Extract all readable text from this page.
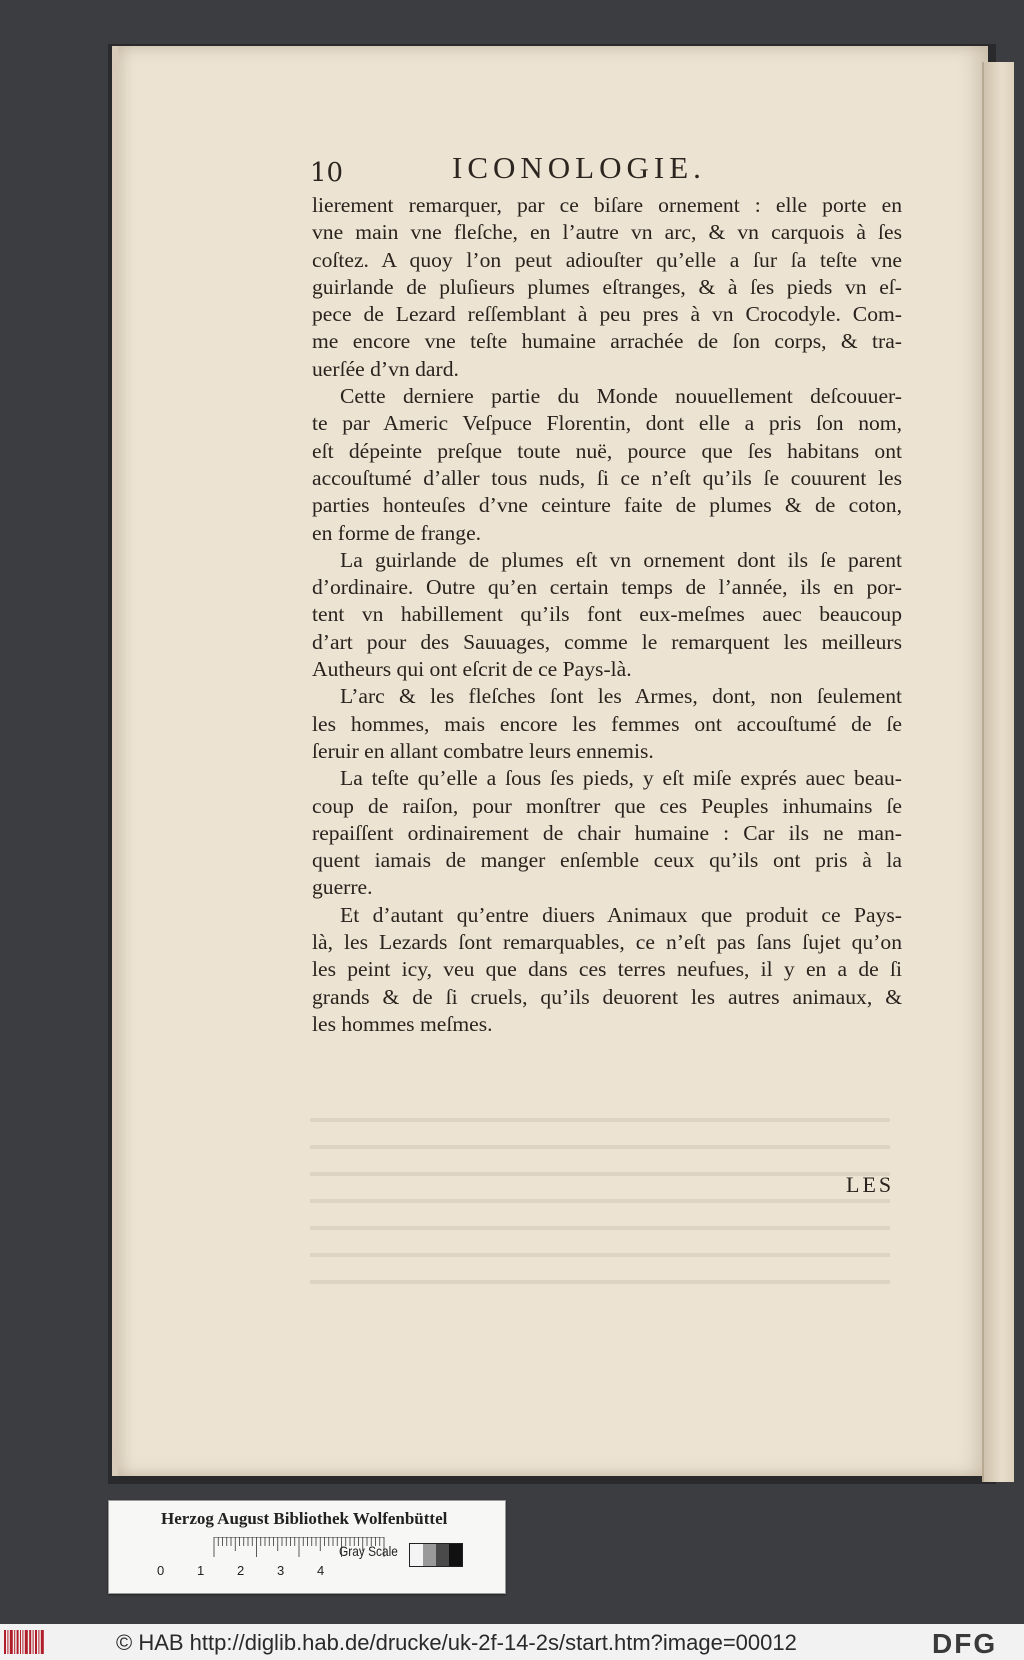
10	ICONOLOGIE.
lierement remarquer, par ce biſare ornement : elle porte en
vne main vne fleſche, en l’autre vn arc, & vn carquois à ſes
coſtez. A quoy l’on peut adiouſter qu’elle a ſur ſa teſte vne
guirlande de pluſieurs plumes eſtranges, & à ſes pieds vn eſ-
pece de Lezard reſſemblant à peu pres à vn Crocodyle. Com-
me encore vne teſte humaine arrachée de ſon corps, & tra-
uerſée d’vn dard.
Cette derniere partie du Monde nouuellement deſcouuer-
te par Americ Veſpuce Florentin, dont elle a pris ſon nom,
eſt dépeinte preſque toute nuë, pource que ſes habitans ont
accouſtumé d’aller tous nuds, ſi ce n’eſt qu’ils ſe couurent les
parties honteuſes d’vne ceinture faite de plumes & de coton,
en forme de frange.
La guirlande de plumes eſt vn ornement dont ils ſe parent
d’ordinaire. Outre qu’en certain temps de l’année, ils en por-
tent vn habillement qu’ils font eux-meſmes auec beaucoup
d’art pour des Sauuages, comme le remarquent les meilleurs
Autheurs qui ont eſcrit de ce Pays-là.
L’arc & les fleſches ſont les Armes, dont, non ſeulement
les hommes, mais encore les femmes ont accouſtumé de ſe
ſeruir en allant combatre leurs ennemis.
La teſte qu’elle a ſous ſes pieds, y eſt miſe exprés auec beau-
coup de raiſon, pour monſtrer que ces Peuples inhumains ſe
repaiſſent ordinairement de chair humaine : Car ils ne man-
quent iamais de manger enſemble ceux qu’ils ont pris à la
guerre.
Et d’autant qu’entre diuers Animaux que produit ce Pays-
là, les Lezards ſont remarquables, ce n’eſt pas ſans ſujet qu’on
les peint icy, veu que dans ces terres neufues, il y en a de ſi
grands & de ſi cruels, qu’ils deuorent les autres animaux, &
les hommes meſmes.
LES
Herzog August Bibliothek Wolfenbüttel
0	1	2	3	4
Gray Scale
© HAB http://diglib.hab.de/drucke/uk-2f-14-2s/start.htm?image=00012	DFG
